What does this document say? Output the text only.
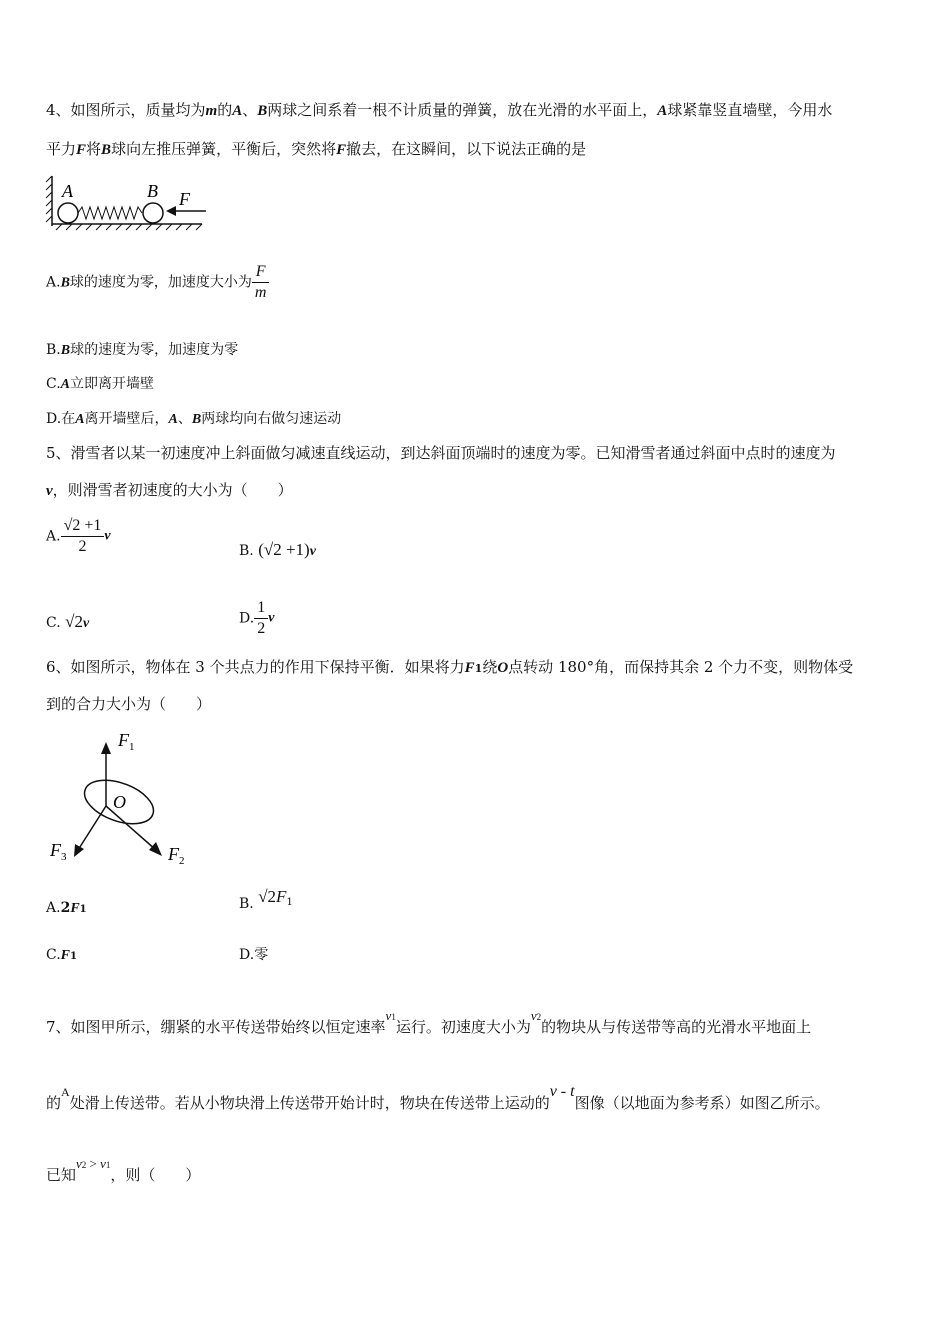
4、如图所示，质量均为m的A、B两球之间系着一根不计质量的弹簧，放在光滑的水平面上，A球紧靠竖直墙壁，今用水
平力F将B球向左推压弹簧，平衡后，突然将F撤去，在这瞬间，以下说法正确的是
A	B F
A.B球的速度为零，加速度大小为 $\frac{F}{m}$
B.B球的速度为零，加速度为零
C.A立即离开墙壁
D.在A离开墙壁后，A、B两球均向右做匀速运动
5、滑雪者以某一初速度冲上斜面做匀减速直线运动，到达斜面顶端时的速度为零。已知滑雪者通过斜面中点时的速度为
v，则滑雪者初速度的大小为（　　）
A. $\frac{√2 +1}{2}$ v
B. (√2 +1)v
C. √2v	D. $\frac{1}{2}$ v
6、如图所示，物体在 3 个共点力的作用下保持平衡．如果将力F1绕O点转动 180°角，而保持其余 2 个力不变，则物体受
到的合力大小为（　　）
$F_1$
O
$F_2$
$F_3$
A.2F1	B. $√2F^1$
C.F1	D.零
7、如图甲所示，绷紧的水平传送带始终以恒定速率v1运行。初速度大小为v2的物块从与传送带等高的光滑水平地面上
的$^A$处滑上传送带。若从小物块滑上传送带开始计时，物块在传送带上运动的v - t图像（以地面为参考系）如图乙所示。
已知v2 > v1，则（　　）
